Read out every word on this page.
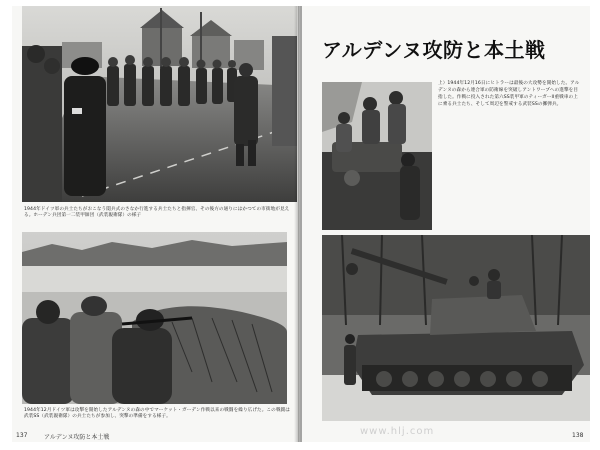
1944年ドイツ軍の兵士たちがおこなう閲兵式のさなか行進する兵士たちと指揮官、その後方の通りにはかつての市街地が見える。ホーデン兵団第一二装甲師団（武装親衛隊）の様子
1944年12月ドイツ軍は攻撃を開始したアルデンヌの森の中でマーケット・ガーデン作戦以来の戦闘を繰り広げた。この戦闘は武装SS（武装親衛隊）の兵士たちが参加し、突撃の準備をする様子。
137	アルデンヌ攻防と本土戦
アルデンヌ攻防と本土戦
上）1944年12月16日にヒトラーは最後の大攻勢を開始した。アルデンヌの森から連合軍の防衛線を突破しアントワープへの進撃を目指した。作戦に投入された第六SS装甲軍のティーガーII重戦車の上に乗る兵士たち、そして周辺を警戒する武装SSの擲弾兵。
138
www.hlj.com
